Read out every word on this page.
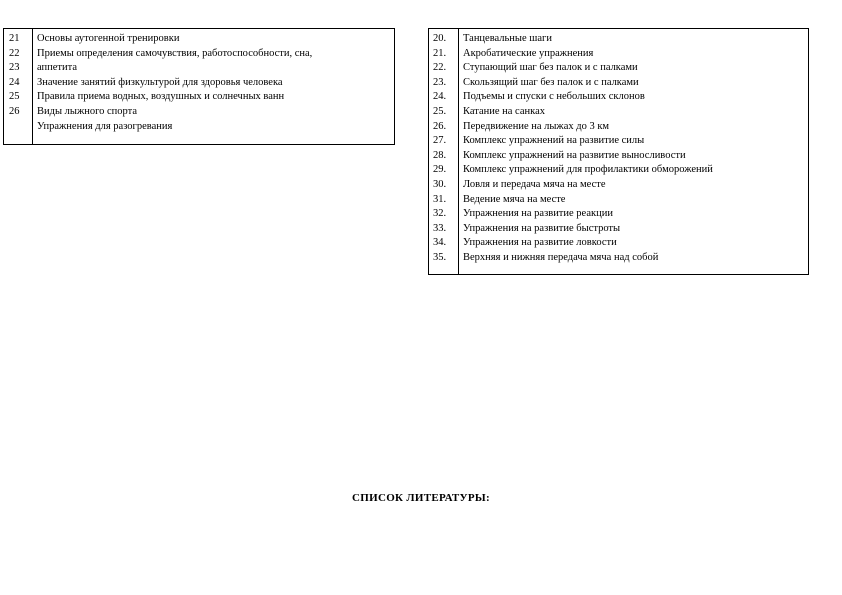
21
22
23
24
25
26
Основы аутогенной тренировки
Приемы определения самочувствия, работоспособности, сна,
аппетита
Значение занятий физкультурой для здоровья человека
Правила приема водных, воздушных и солнечных ванн
Виды лыжного спорта
Упражнения для разогревания
20.
21.
22.
23.
24.
25.
26.
27.
28.
29.
30.
31.
32.
33.
34.
35.
Танцевальные шаги
Акробатические упражнения
Ступающий шаг без палок и с палками
Скользящий шаг без палок и с палками
Подъемы и спуски с небольших склонов
Катание на санках
Передвижение на лыжах до 3 км
Комплекс упражнений на развитие силы
Комплекс упражнений на развитие выносливости
Комплекс упражнений для профилактики обморожений
Ловля и передача мяча на месте
Ведение мяча на месте
Упражнения на развитие реакции
Упражнения на развитие быстроты
Упражнения на развитие ловкости
Верхняя и нижняя передача мяча над собой
СПИСОК ЛИТЕРАТУРЫ:
